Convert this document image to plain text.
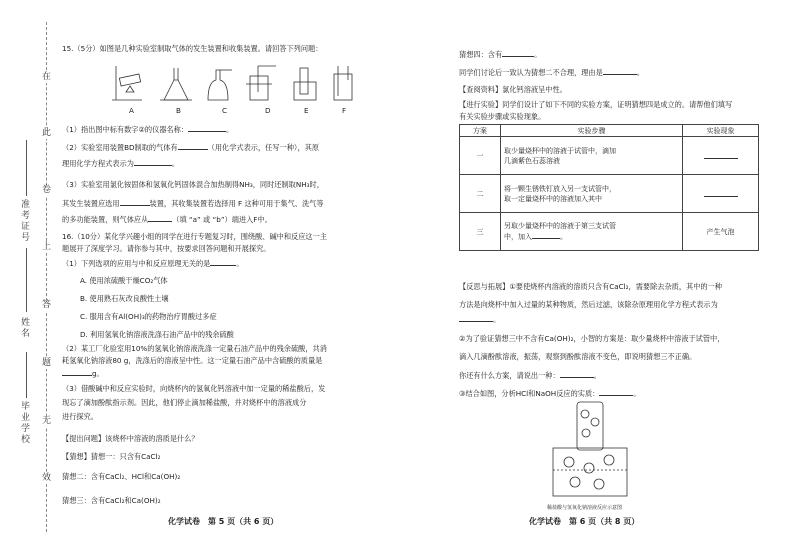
在
此
卷
上
答
题
无
效
准考证号
姓名
毕业学校
15.（5分）如图是几种实验室制取气体的发生装置和收集装置。请回答下列问题：
A	B	C	D	E	F
（1）指出图中标有数字②的仪器名称：	。
（2）实验室用装置BD制取的气体有	（用化学式表示，任写一种），其原
理用化学方程式表示为	。
（3）实验室用氯化铵固体和氢氧化钙固体混合加热制得NH₃，同时还制取NH₃时，
其发生装置应选用	装置，其收集装置若选择用 F 这种可用于集气、洗气等
的多功能装置，则气体应从	（填 “a” 或 “b”）端进入F中。
16.（10分）某化学兴趣小组的同学在进行专题复习时，围绕酸、碱中和反应这一主
题展开了深度学习。请你参与其中，按要求回答问题和开展探究。
（1）下列选项的应用与中和反应原理无关的是	。
A. 使用浓硫酸干燥CO₂气体
B. 使用熟石灰改良酸性土壤
C. 服用含有Al(OH)₃的药物治疗胃酸过多症
D. 利用氢氧化钠溶液洗涤石油产品中的残余硫酸
（2）某工厂化验室用10%的氢氧化钠溶液洗涤一定量石油产品中的残余硫酸，共消
耗氢氧化钠溶液80 g，洗涤后的溶液呈中性。这一定量石油产品中含硫酸的质量是
g。
（3）借酸碱中和反应实验时，向烧杯内的氢氧化钙溶液中加一定量的稀盐酸后，发
现忘了滴加酚酞指示剂。因此，他们停止滴加稀盐酸，并对烧杯中的溶液成分
进行探究。
【提出问题】该烧杯中溶液的溶质是什么？
【猜想】猜想一：只含有CaCl₂
猜想二：含有CaCl₂、HCl和Ca(OH)₂
猜想三：含有CaCl₂和Ca(OH)₂
化学试卷　第 5 页（共 6 页）
猜想四：含有	。
同学们讨论后一致认为猜想二不合理，理由是	。
【查阅资料】氯化钙溶液呈中性。
【进行实验】同学们设计了如下不同的实验方案，证明猜想四是成立的。请帮他们填写
有关实验步骤或实验现象。
方案	实验步骤	实验现象
一	取少量烧杯中的溶液于试管中，滴加
几滴紫色石蕊溶液	

二	将一颗生锈铁钉放入另一支试管中，
取一定量烧杯中的溶液加入其中	

三	另取少量烧杯中的溶液于第三支试管
中，加入 。	产生气泡
【反思与拓展】①要使烧杯内溶液的溶质只含有CaCl₂，需要除去杂质，其中的一种
方法是向烧杯中加入过量的某种物质，然后过滤，该除杂原理用化学方程式表示为
。
②为了验证猜想三中不含有Ca(OH)₂，小智的方案是：取少量烧杯中溶液于试管中，
滴入几滴酚酞溶液，振荡，观察到酚酞溶液不变色，即说明猜想三不正确。
你还有什么方案，请说出一种：	。
③结合如图，分析HCl和NaOH反应的实质：	。
稀盐酸与氢氧化钠溶液反应示意图
化学试卷　第 6 页（共 8 页）
